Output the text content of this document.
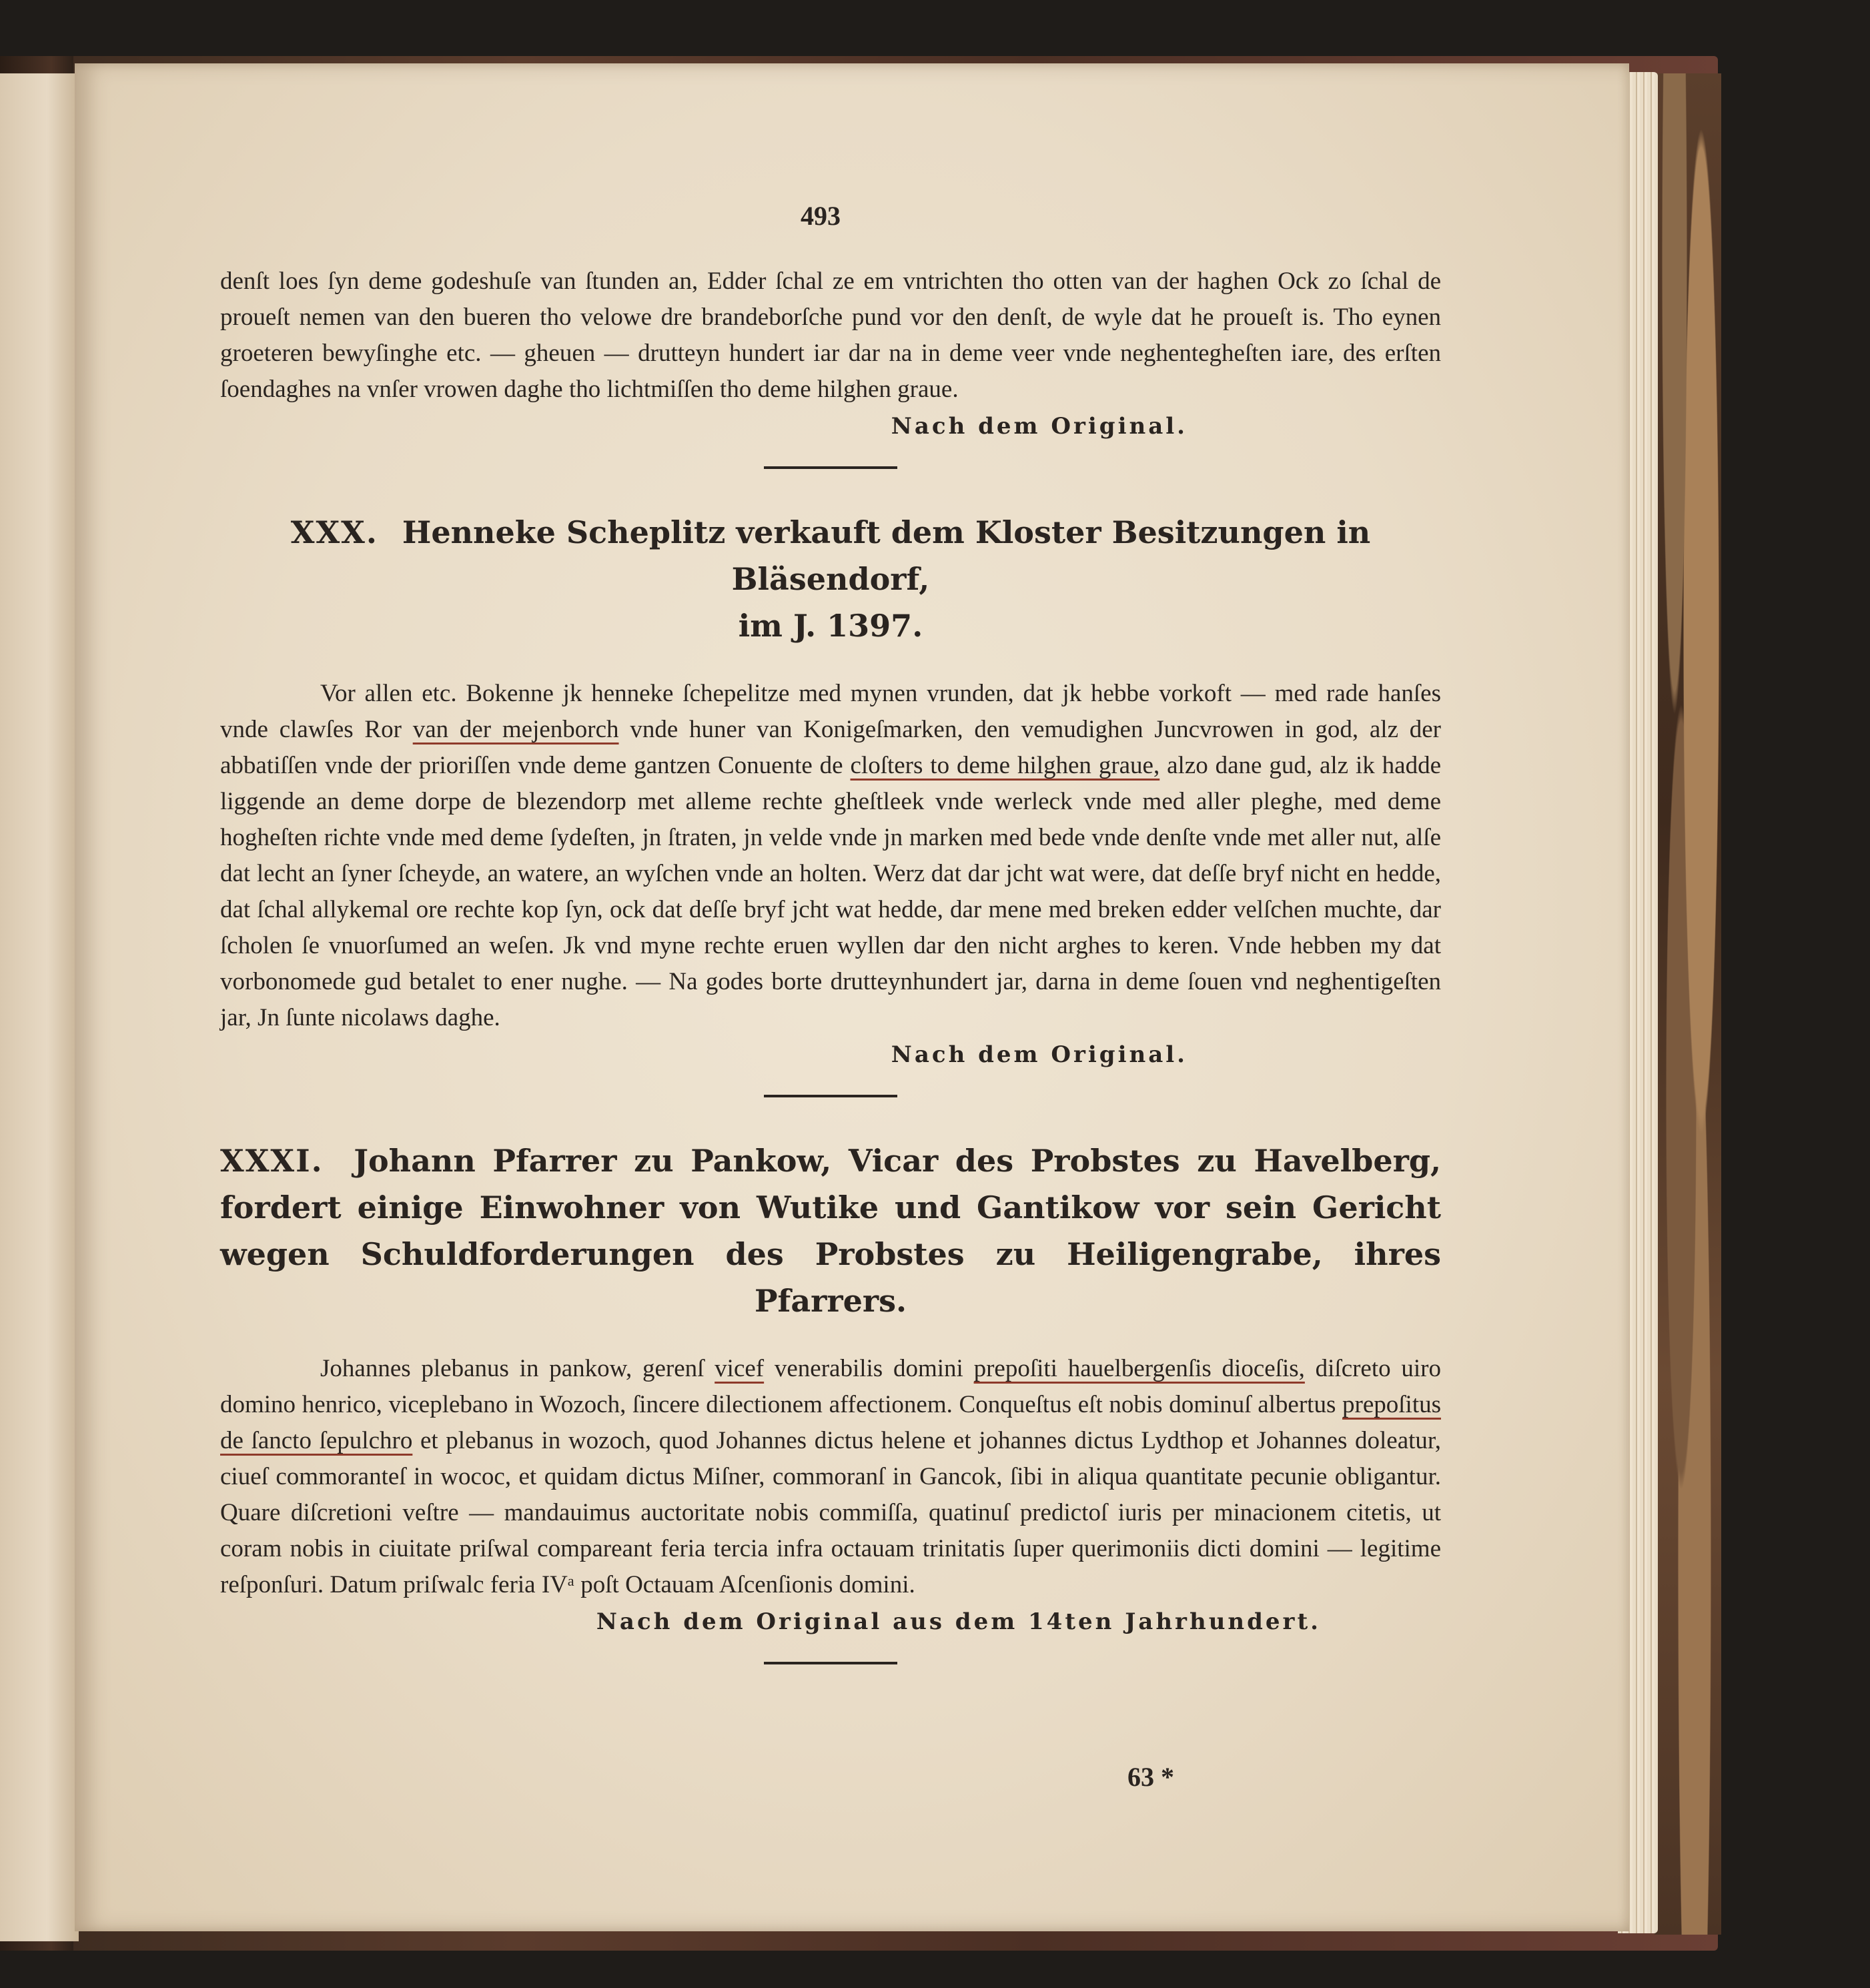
493

denſt loes ſyn deme godeshuſe van ſtunden an, Edder ſchal ze em vntrichten tho otten van der haghen Ock zo ſchal de proueſt nemen van den bueren tho velowe dre brandeborſche pund vor den denſt, de wyle dat he proueſt is. Tho eynen groeteren bewyſinghe etc. — gheuen — drutteyn hundert iar dar na in deme veer vnde neghentegheſten iare, des erſten ſoendaghes na vnſer vrowen daghe tho lichtmiſſen tho deme hilghen graue.

Nach dem Original.

XXX. Henneke Scheplitz verkauft dem Kloster Besitzungen in Bläsendorf,
im J. 1397.

Vor allen etc. Bokenne jk henneke ſchepelitze med mynen vrunden, dat jk hebbe vorkoft — med rade hanſes vnde clawſes Ror van der mejenborch vnde huner van Konigeſmarken, den vemudighen Juncvrowen in god, alz der abbatiſſen vnde der prioriſſen vnde deme gantzen Conuente de cloſters to deme hilghen graue, alzo dane gud, alz ik hadde liggende an deme dorpe de blezendorp met alleme rechte gheſtleek vnde werleck vnde med aller pleghe, med deme hogheſten richte vnde med deme ſydeſten, jn ſtraten, jn velde vnde jn marken med bede vnde denſte vnde met aller nut, alſe dat lecht an ſyner ſcheyde, an watere, an wyſchen vnde an holten. Werz dat dar jcht wat were, dat deſſe bryf nicht en hedde, dat ſchal allykemal ore rechte kop ſyn, ock dat deſſe bryf jcht wat hedde, dar mene med breken edder velſchen muchte, dar ſcholen ſe vnuorſumed an weſen. Jk vnd myne rechte eruen wyllen dar den nicht arghes to keren. Vnde hebben my dat vorbonomede gud betalet to ener nughe. — Na godes borte drutteynhundert jar, darna in deme ſouen vnd neghentigeſten jar, Jn ſunte nicolaws daghe.

Nach dem Original.

XXXI. Johann Pfarrer zu Pankow, Vicar des Probstes zu Havelberg, fordert einige Einwohner von Wutike und Gantikow vor sein Gericht wegen Schuldforderungen des Probstes zu Heiligengrabe, ihres Pfarrers.

Johannes plebanus in pankow, gerenſ vicef venerabilis domini prepoſiti hauelbergenſis dioceſis, diſcreto uiro domino henrico, viceplebano in Wozoch, ſincere dilectionem affectionem. Conqueſtus eſt nobis dominuſ albertus prepoſitus de ſancto ſepulchro et plebanus in wozoch, quod Johannes dictus helene et johannes dictus Lydthop et Johannes doleatur, ciueſ commoranteſ in wococ, et quidam dictus Miſner, commoranſ in Gancok, ſibi in aliqua quantitate pecunie obligantur. Quare diſcretioni veſtre — mandauimus auctoritate nobis commiſſa, quatinuſ predictoſ iuris per minacionem citetis, ut coram nobis in ciuitate priſwal compareant feria tercia infra octauam trinitatis ſuper querimoniis dicti domini — legitime reſponſuri. Datum priſwalc feria IVᵃ poſt Octauam Aſcenſionis domini.

Nach dem Original aus dem 14ten Jahrhundert.

63 *
